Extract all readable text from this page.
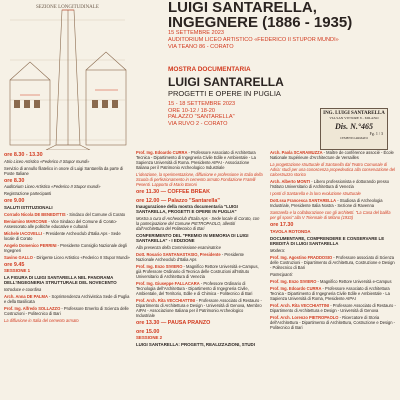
SEZIONE LONGITUDINALE	LUIGI SANTARELLA,
INGEGNERE (1886 - 1935)
15 SETTEMBRE 2023
AUDITORIUM LICEO ARTISTICO «FEDERICO II STUPOR MUNDI»
VIA TEANO 86 - CORATO
MOSTRA DOCUMENTARIA
LUIGI SANTARELLA
PROGETTI E OPERE IN PUGLIA
15 - 18 SETTEMBRE 2023
ORE 10-12 / 18-20
PALAZZO "SANTARELLA"
VIA RUVO 2 - CORATO
ING. LUIGI SANTARELLA
VIA SAN VITTORE 8 - MILANO
Dis. N.°465
Fg. 1 / 3
CEMENTO ARMATO
ore 8.30 - 13.30
Atrio Liceo Artistico «Federico II Stupor mundi»
Servizio di annullo filatelico in onore di Luigi Santarella da parte di Poste Italiane
ore 8.30
Auditorium Liceo Artistico «Federico II Stupor mundi»
Registrazione partecipanti
ore 9.00
SALUTI ISTITUZIONALI
Corrado Nicola DE BENEDITTIS - Sindaco del Comune di Corato
Beniamino MARCONE - Vice Sindaco del Comune di Corato-Assessorato alle politiche educative e culturali
Michele IACOVELLI - Presidente Archeoclub d'Italia Aps - Sede locale di Corato
Angelo Domenico PERRINI - Presidente Consiglio Nazionale degli Ingegneri
Savino GALLO - Dirigente Liceo Artistico «Federico II Stupor Mundi»
ore 9.45
SESSIONE 1
LA FIGURA DI LUIGI SANTARELLA NEL PANORAMA DELL'INGEGNERIA STRUTTURALE DEL NOVECENTO
Introduce e coordina
Arch. Anna DE PALMA - Soprintendenza Archivistica Sede di Puglia e della Basilicata
Prof. Ing. Alfredo SOLLAZZO - Professore Emerito di Scienza delle Costruzioni - Politecnico di Bari
La diffusione in Italia del cemento armato
Prof. Ing. Edoardo CURRA - Professore Associato di Architettura Tecnica - Dipartimento di Ingegneria Civile Edile e Ambientale - La Sapienza Università di Roma. Presidente AIPAI - Associazione Italiana per il Patrimonio Archeologico Industriale
L'ideazione, la sperimentazione, diffusione e professione in Italia della Scuola di perfezionamento in cemento armato Fondazione Fratelli Pesenti. Lapporto di Mario Baroni
ore 11.30 — COFFEE BREAK
ore 12.00 — Palazzo "Santarella"
Inaugurazione della mostra documentaria "LUIGI SANTARELLA, PROGETTI E OPERE IN PUGLIA"
Mostra a cura di Archeoclub d'Italia Aps - Sede locale di Corato, con la partecipazione del Comune PIETROPAOLO, allestiti dall'Architettura del Politecnico di Bari
CONFERIMENTO DEL "PREMIO IN MEMORIA DI LUIGI SANTARELLA" - I EDIZIONE
Alla presenza della Commissione esaminatrice
Dott. Rosario SANTANASTASIO, Presidente - Presidente Nazionale Archeoclub d'Italia Aps
Prof. Ing. Enzo SIVIERO - Magnifico Rettore Università e-Campus, già Professore Ordinario di Tecnica delle Costruzioni all'Istituto Universitario di Architettura di Venezia
Prof. Ing. Giuseppe FALLACARA - Professore Ordinario di Tecnologia dell'Architettura - Dipartimento di Ingegneria Civile, Ambientale, del Territorio, Edile e di Chimica - Politecnico di Bari
Prof. Arch. Rita VECCHIATTINI - Professore Associato di Restauro - Dipartimento di Architettura e Design - Università di Genova, Membro AIPAI - Associazione Italiana per il Patrimonio Archeologico Industriale
ore 13.30 — PAUSA PRANZO
ore 15.00
SESSIONE 2
LUIGI SANTARELLA: PROGETTI, REALIZZAZIONI, STUDI
Arch. Paola SCARAMUZZA - Maître de conférence associé - École Nationale Supérieure d'Architecture de Versailles
La progettazione strutturale di Santarella dal Teatro Comunale di Adria: studi per una conoscenza propedeutica alla conservazione del calcestruzzo storico
Arch. Alberto MONTI - Libero professionista e dottorando presso l'Istituto Universitario di Architettura di Venezia
I ponti di Santarella e la loro evoluzione strutturale
Dott.ssa Francesca SANTARELLA - Studiosa di Archeologia Industriale, Presidente Italia Nostra - Sezione di Ravenna
Santarella e la collaborazione con gli architetti. "La Casa del balilla per gli sposi" alla V Triennale di Milano (1933)
ore 17.30
TAVOLA ROTONDA
DOCUMENTARE, COMPRENDERE E CONSERVARE LE EREDITÀ DI LUIGI SANTARELLA
Modera:
Prof. Ing. Agostino FRADDOSIO - Professore associato di Scienza delle Costruzioni - Dipartimento di Architettura, Costruzione e Design - Politecnico di Bari
Partecipanti:
Prof. Ing. Enzo SIVIERO - Magnifico Rettore Università e-Campus
Prof. Ing. Edoardo CURRA - Professore Associato di Architettura Tecnica - Dipartimento di Ingegneria Civile Edile e Ambientale - La Sapienza Università di Roma, Presidente AIPAI
Prof. Arch. Rita VECCHIATTINI - Professore Associato di Restauro - Dipartimento di Architettura e Design - Università di Genova
Prof. Arch. Lorenzo PIETROPAOLO - Ricercatore di Storia dell'Architettura - Dipartimento di Architettura, Costruzione e Design - Politecnico di Bari
